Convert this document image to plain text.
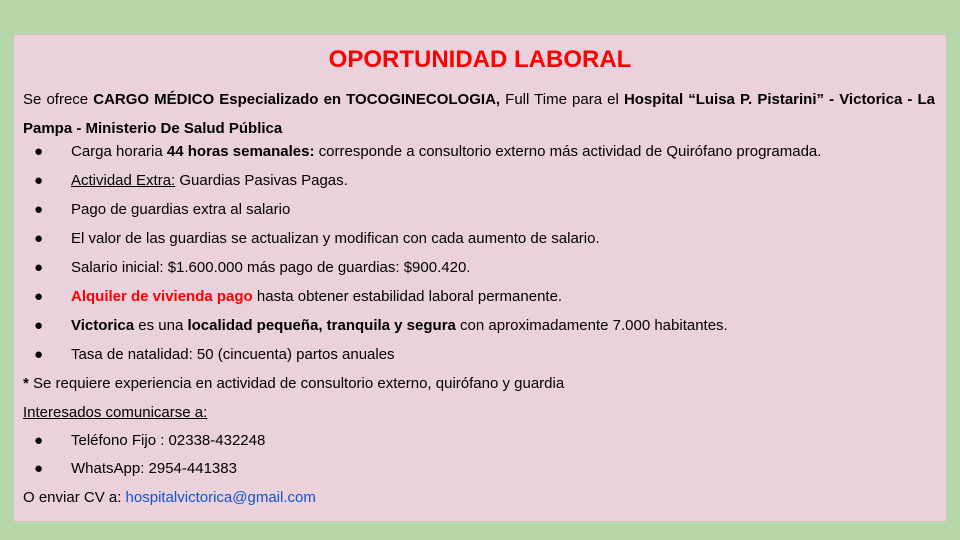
OPORTUNIDAD LABORAL
Se ofrece CARGO MÉDICO Especializado en TOCOGINECOLOGIA, Full Time para el Hospital “Luisa P. Pistarini” - Victorica - La Pampa - Ministerio De Salud Pública
● Carga horaria 44 horas semanales: corresponde a consultorio externo más actividad de Quirófano programada.
● Actividad Extra: Guardias Pasivas Pagas.
● Pago de guardias extra al salario
● El valor de las guardias se actualizan y modifican con cada aumento de salario.
● Salario inicial: $1.600.000 más pago de guardias: $900.420.
● Alquiler de vivienda pago hasta obtener estabilidad laboral permanente.
● Victorica es una localidad pequeña, tranquila y segura con aproximadamente 7.000 habitantes.
● Tasa de natalidad: 50 (cincuenta) partos anuales
* Se requiere experiencia en actividad de consultorio externo, quirófano y guardia
Interesados comunicarse a:
● Teléfono Fijo : 02338-432248
● WhatsApp: 2954-441383
O enviar CV a: hospitalvictorica@gmail.com
